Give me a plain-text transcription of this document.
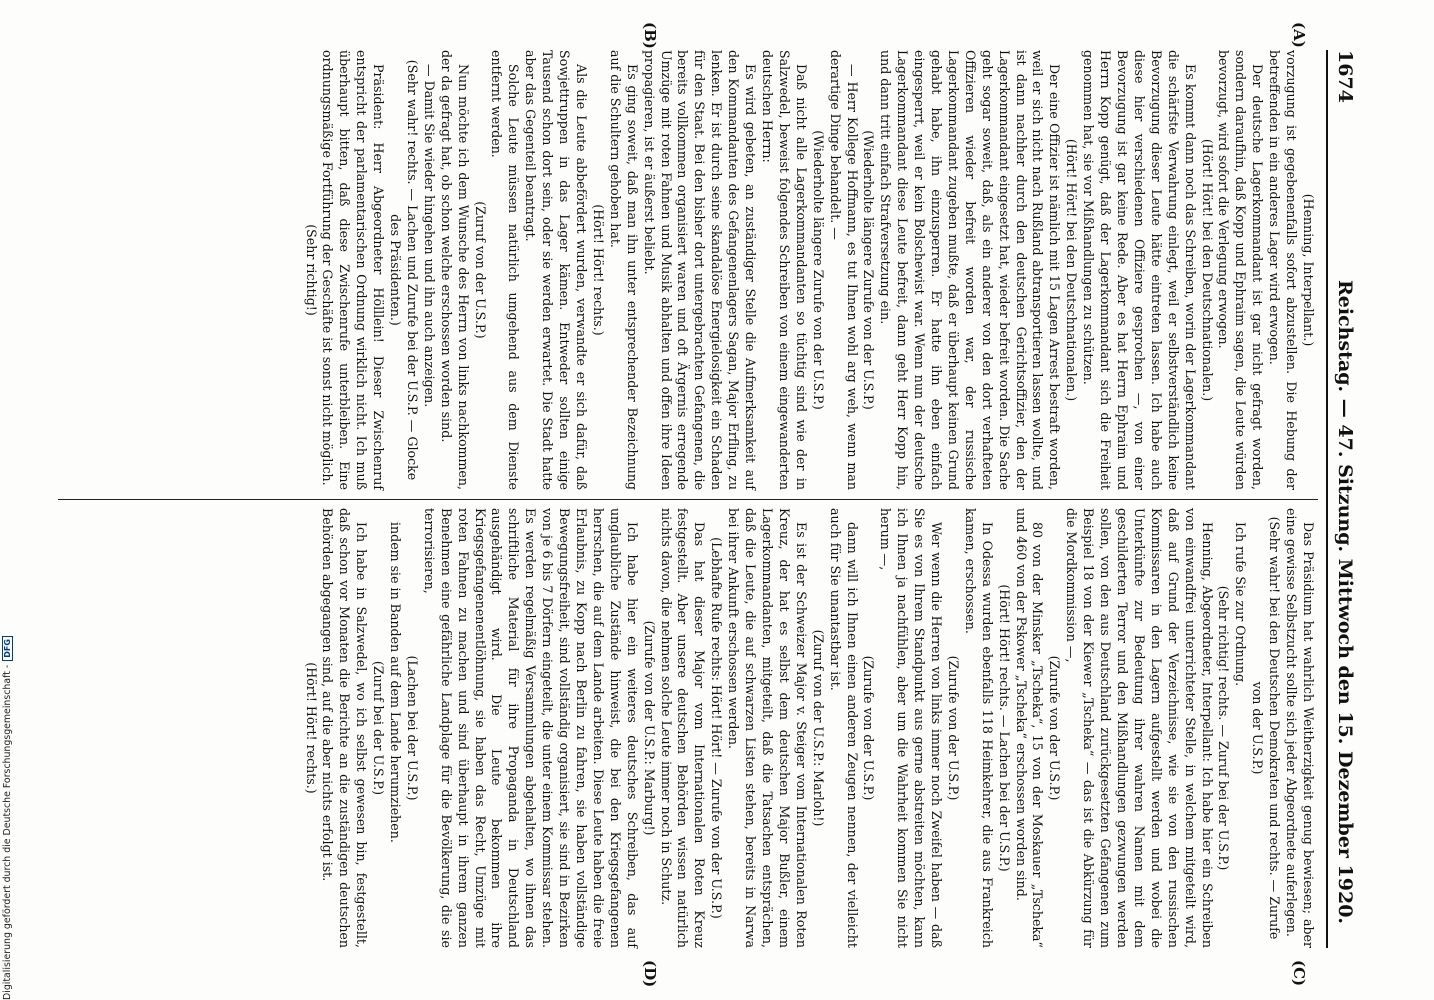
1674
Reichstag. — 47. Sitzung. Mittwoch den 15. Dezember 1920.
(A)
(B)
(C)
(D)

(Henning, Interpellant.)

vorzugung ist gegebenenfalls sofort abzustellen. Die Hebung der betreffenden in ein anderes Lager wird erwogen.

Der deutsche Lagerkommandant ist gar nicht gefragt worden, sondern daraufhin, daß Kopp und Ephraim sagen, die Leute würden bevorzugt, wird sofort die Verlegung erwogen.

(Hört! Hört! bei den Deutschnationalen.)

Es kommt dann noch das Schreiben, worin der Lagerkommandant die schärfste Verwahrung einlegt, weil er selbstverständlich keine Bevorzugung dieser Leute hätte eintreten lassen. Ich habe auch diese hier verschiedenen Offiziere gesprochen —, von einer Bevorzugung ist gar keine Rede. Aber es hat Herrn Ephraim und Herrn Kopp genügt, daß der Lagerkommandant sich die Freiheit genommen hat, sie vor Mißhandlungen zu schützen.

(Hört! Hört! bei den Deutschnationalen.)

Der eine Offizier ist nämlich mit 15 Lagen Arrest bestraft worden, weil er sich nicht nach Rußland abtransportieren lassen wollte, und ist dann nachher durch den deutschen Gerichtsoffizier, den der Lagerkommandant eingesetzt hat, wieder befreit worden. Die Sache geht sogar soweit, daß, als ein anderer von den dort verhafteten Offizieren wieder befreit worden war, der russische Lagerkommandant zugeben mußte, daß er überhaupt keinen Grund gehabt habe, ihn einzusperren. Er hatte ihn eben einfach eingesperrt, weil er kein Bolschewist war. Wenn nun der deutsche Lagerkommandant diese Leute befreit, dann geht Herr Kopp hin, und dann tritt einfach Strafversetzung ein.

(Wiederholte längere Zurufe von der U.S.P.)

— Herr Kollege Hoffmann, es tut Ihnen wohl arg weh, wenn man derartige Dinge behandelt. —

(Wiederholte längere Zurufe von der U.S.P.)

Daß nicht alle Lagerkommandanten so tüchtig sind wie der in Salzwedel, beweist folgendes Schreiben von einem eingewanderten deutschen Herrn:

Es wird gebeten, an zuständiger Stelle die Aufmerksamkeit auf den Kommandanten des Gefangenenlagers Sagan, Major Erfling, zu lenken. Er ist durch seine skandalöse Energielosigkeit ein Schaden für den Staat. Bei den bisher dort untergebrachten Gefangenen, die bereits vollkommen organisiert waren und oft Ärgernis erregende Umzüge mit roten Fahnen und Musik abhalten und offen ihre Ideen propagieren, ist er äußerst beliebt.

Es ging soweit, daß man ihn unter entsprechender Bezeichnung auf die Schultern gehoben hat.

(Hört! Hört! rechts.)

Als die Leute abbefördert wurden, verwandte er sich dafür, daß Sowjettruppen in das Lager kämen. Entweder sollten einige Tausend schon dort sein, oder sie werden erwartet. Die Stadt hatte aber das Gegenteil beantragt.

Solche Leute müssen natürlich umgehend aus dem Dienste entfernt werden.

(Zuruf von der U.S.P.)

Nun möchte ich dem Wunsche des Herrn von links nachkommen, der da gefragt hat, ob schon welche erschossen worden sind.

— Damit Sie wieder hingehen und ihn auch anzeigen.

(Sehr wahr! rechts. — Lachen und Zurufe bei der U.S.P. — Glocke des Präsidenten.)

Präsident: Herr Abgeordneter Hölllein! Dieser Zwischenruf entspricht der parlamentarischen Ordnung wirklich nicht. Ich muß überhaupt bitten, daß diese Zwischenrufe unterbleiben. Eine ordnungsmäßige Fortführung der Geschäfte ist sonst nicht möglich.

(Sehr richtig!)

Das Präsidium hat wahrlich Weitherzigkeit genug bewiesen; aber eine gewisse Selbstzucht sollte sich jeder Abgeordnete auferlegen.

(Sehr wahr! bei den Deutschen Demokraten und rechts. — Zurufe von der U.S.P.)

Ich rufe Sie zur Ordnung.

(Sehr richtig! rechts. — Zuruf bei der U.S.P.)

Henning, Abgeordneter, Interpellant: Ich habe hier ein Schreiben von einwandfrei unterrichteter Stelle, in welchem mitgeteilt wird, daß auf Grund der Verzeichnisse, wie sie von den russischen Kommissaren in den Lagern aufgestellt werden und wobei die Unterkünfte zur Bedeutung ihrer wahren Namen mit dem geschilderten Terror und den Mißhandlungen gezwungen werden sollen, von den aus Deutschland zurückgesetzten Gefangenen zum Beispiel 18 von der Kiewer „Tscheka“ — das ist die Abkürzung für die Mordkommission —,

(Zurufe von der U.S.P.)

80 von der Minsker „Tscheka“, 15 von der Moskauer „Tscheka“ und 460 von der Pskower „Tscheka“ erschossen worden sind.

(Hört! Hört! rechts. — Lachen bei der U.S.P.)

In Odessa wurden ebenfalls 118 Heimkehrer, die aus Frankreich kamen, erschossen.

(Zurufe von der U.S.P.)

Wer wenn die Herren von links immer noch Zweifel haben — daß Sie es von Ihrem Standpunkt aus gerne abstreiten möchten, kann ich Ihnen ja nachfühlen, aber um die Wahrheit kommen Sie nicht herum —,

(Zurufe von der U.S.P.)

dann will ich Ihnen einen anderen Zeugen nennen, der vielleicht auch für Sie unantastbar ist.

(Zuruf von der U.S.P.: Marloh!)

Es ist der Schweizer Major v. Steiger vom Internationalen Roten Kreuz, der hat es selbst dem deutschen Major Bußler, einem Lagerkommandanten, mitgeteilt, daß die Tatsachen entsprächen, daß die Leute, die auf schwarzen Listen stehen, bereits in Narwa bei ihrer Ankunft erschossen werden.

(Lebhafte Rufe rechts: Hört! Hört! — Zurufe von der U.S.P.)

Das hat dieser Major vom Internationalen Roten Kreuz festgestellt. Aber unsere deutschen Behörden wissen natürlich nichts davon, die nehmen solche Leute immer noch in Schutz.

(Zurufe von der U.S.P.: Marburg!)

Ich habe hier ein weiteres deutsches Schreiben, das auf unglaubliche Zustände hinweist, die bei den Kriegsgefangenen herrschen, die auf dem Lande arbeiten. Diese Leute haben die freie Erlaubnis, zu Kopp nach Berlin zu fahren, sie haben vollständige Bewegungsfreiheit, sind vollständig organisiert, sie sind in Bezirken von je 6 bis 7 Dörfern eingeteilt, die unter einem Kommissar stehen. Es werden regelmäßig Versammlungen abgehalten, wo ihnen das schriftliche Material für ihre Propaganda in Deutschland ausgehändigt wird. Die Leute bekommen ihre Kriegsgefangenenentlöhnung, sie haben das Recht, Umzüge mit roten Fahnen zu machen und sind überhaupt in ihrem ganzen Benehmen eine gefährliche Landplage für die Bevölkerung, die sie terrorisieren,

(Lachen bei der U.S.P.)

indem sie in Banden auf dem Lande herumziehen.

(Zuruf bei der U.S.P.)

Ich habe in Salzwedel, wo ich selbst gewesen bin, festgestellt, daß schon vor Monaten die Berichte an die zuständigen deutschen Behörden abgegangen sind, auf die aber nichts erfolgt ist.

(Hört! Hört! rechts.)

Digitalisierung gefördert durch die Deutsche Forschungsgemeinschaft -DFG
